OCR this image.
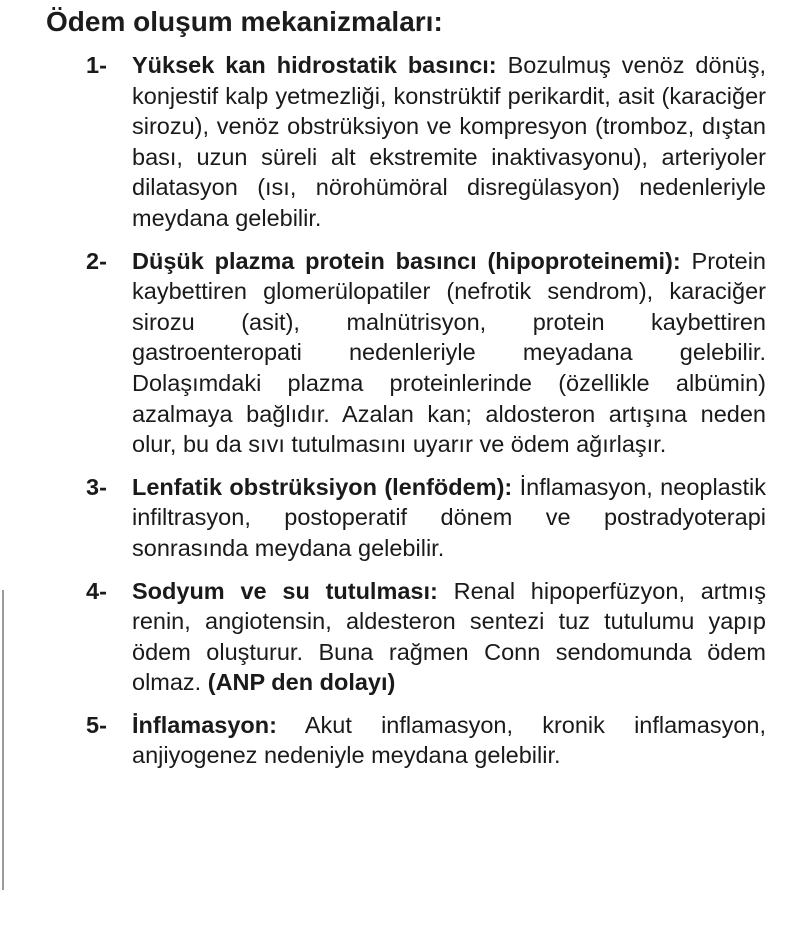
Ödem oluşum mekanizmaları:
1- Yüksek kan hidrostatik basıncı: Bozulmuş venöz dönüş, konjestif kalp yetmezliği, konstrüktif perikardit, asit (karaciğer sirozu), venöz obstrüksiyon ve kompresyon (tromboz, dıştan bası, uzun süreli alt ekstremite inaktivasyonu), arteriyoler dilatasyon (ısı, nörohümöral disregülasyon) nedenleriyle meydana gelebilir.
2- Düşük plazma protein basıncı (hipoproteinemi): Protein kaybettiren glomerülopatiler (nefrotik sendrom), karaciğer sirozu (asit), malnütrisyon, protein kaybettiren gastroenteropati nedenleriyle meyadana gelebilir. Dolaşımdaki plazma proteinlerinde (özellikle albümin) azalmaya bağlıdır. Azalan kan; aldosteron artışına neden olur, bu da sıvı tutulmasını uyarır ve ödem ağırlaşır.
3- Lenfatik obstrüksiyon (lenfödem): İnflamasyon, neoplastik infiltrasyon, postoperatif dönem ve postradyoterapi sonrasında meydana gelebilir.
4- Sodyum ve su tutulması: Renal hipoperfüzyon, artmış renin, angiotensin, aldesteron sentezi tuz tutulumu yapıp ödem oluşturur. Buna rağmen Conn sendomunda ödem olmaz. (ANP den dolayı)
5- İnflamasyon: Akut inflamasyon, kronik inflamasyon, anjiyogenez nedeniyle meydana gelebilir.
